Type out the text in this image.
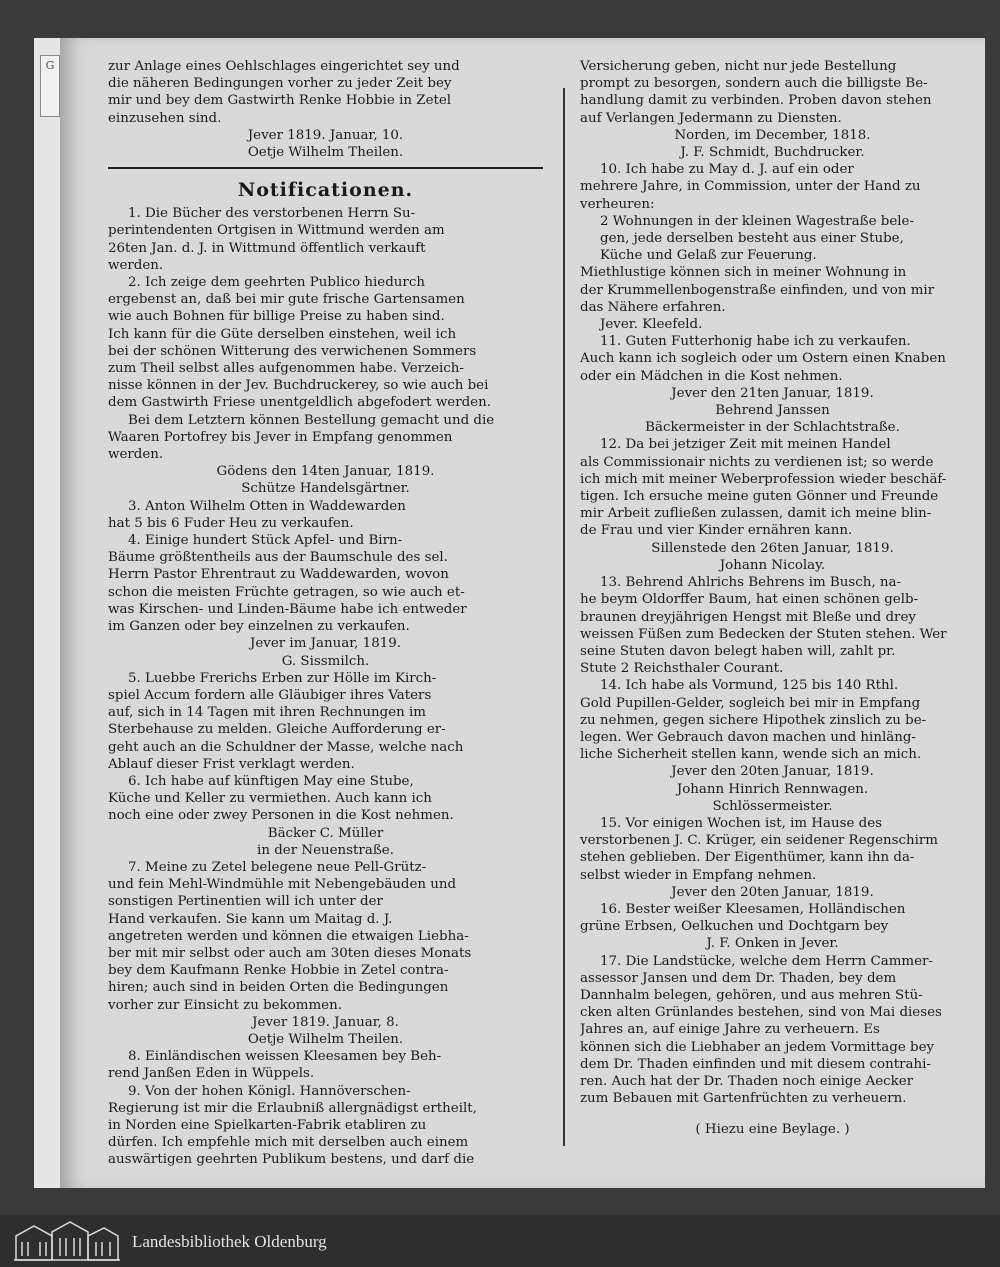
G	zur Anlage eines Oehlschlages eingerichtet sey und
die näheren Bedingungen vorher zu jeder Zeit bey
mir und bey dem Gastwirth Renke Hobbie in Zetel
einzusehen sind.
Jever 1819. Januar, 10.
Oetje Wilhelm Theilen.
Notificationen.
1. Die Bücher des verstorbenen Herrn Su-
perintendenten Ortgisen in Wittmund werden am
26ten Jan. d. J. in Wittmund öffentlich verkauft
werden.
2. Ich zeige dem geehrten Publico hiedurch
ergebenst an, daß bei mir gute frische Gartensamen
wie auch Bohnen für billige Preise zu haben sind.
Ich kann für die Güte derselben einstehen, weil ich
bei der schönen Witterung des verwichenen Sommers
zum Theil selbst alles aufgenommen habe. Verzeich-
nisse können in der Jev. Buchdruckerey, so wie auch bei
dem Gastwirth Friese unentgeldlich abgefodert werden.
Bei dem Letztern können Bestellung gemacht und die
Waaren Portofrey bis Jever in Empfang genommen
werden.
Gödens den 14ten Januar, 1819.
Schütze Handelsgärtner.
3. Anton Wilhelm Otten in Waddewarden
hat 5 bis 6 Fuder Heu zu verkaufen.
4. Einige hundert Stück Apfel- und Birn-
Bäume größtentheils aus der Baumschule des sel.
Herrn Pastor Ehrentraut zu Waddewarden, wovon
schon die meisten Früchte getragen, so wie auch et-
was Kirschen- und Linden-Bäume habe ich entweder
im Ganzen oder bey einzelnen zu verkaufen.
Jever im Januar, 1819.
G. Sissmilch.
5. Luebbe Frerichs Erben zur Hölle im Kirch-
spiel Accum fordern alle Gläubiger ihres Vaters
auf, sich in 14 Tagen mit ihren Rechnungen im
Sterbehause zu melden. Gleiche Aufforderung er-
geht auch an die Schuldner der Masse, welche nach
Ablauf dieser Frist verklagt werden.
6. Ich habe auf künftigen May eine Stube,
Küche und Keller zu vermiethen. Auch kann ich
noch eine oder zwey Personen in die Kost nehmen.
Bäcker C. Müller
in der Neuenstraße.
7. Meine zu Zetel belegene neue Pell-Grütz-
und fein Mehl-Windmühle mit Nebengebäuden und
sonstigen Pertinentien will ich unter der
Hand verkaufen. Sie kann um Maitag d. J.
angetreten werden und können die etwaigen Liebha-
ber mit mir selbst oder auch am 30ten dieses Monats
bey dem Kaufmann Renke Hobbie in Zetel contra-
hiren; auch sind in beiden Orten die Bedingungen
vorher zur Einsicht zu bekommen.
Jever 1819. Januar, 8.
Oetje Wilhelm Theilen.
8. Einländischen weissen Kleesamen bey Beh-
rend Janßen Eden in Wüppels.
9. Von der hohen Königl. Hannöverschen-
Regierung ist mir die Erlaubniß allergnädigst ertheilt,
in Norden eine Spielkarten-Fabrik etabliren zu
dürfen. Ich empfehle mich mit derselben auch einem
auswärtigen geehrten Publikum bestens, und darf die
Versicherung geben, nicht nur jede Bestellung
prompt zu besorgen, sondern auch die billigste Be-
handlung damit zu verbinden. Proben davon stehen
auf Verlangen Jedermann zu Diensten.
Norden, im December, 1818.
J. F. Schmidt, Buchdrucker.
10. Ich habe zu May d. J. auf ein oder
mehrere Jahre, in Commission, unter der Hand zu
verheuren:
2 Wohnungen in der kleinen Wagestraße bele-
gen, jede derselben besteht aus einer Stube,
Küche und Gelaß zur Feuerung.
Miethlustige können sich in meiner Wohnung in
der Krummellenbogenstraße einfinden, und von mir
das Nähere erfahren.
Jever. Kleefeld.
11. Guten Futterhonig habe ich zu verkaufen.
Auch kann ich sogleich oder um Ostern einen Knaben
oder ein Mädchen in die Kost nehmen.
Jever den 21ten Januar, 1819.
Behrend Janssen
Bäckermeister in der Schlachtstraße.
12. Da bei jetziger Zeit mit meinen Handel
als Commissionair nichts zu verdienen ist; so werde
ich mich mit meiner Weberprofession wieder beschäf-
tigen. Ich ersuche meine guten Gönner und Freunde
mir Arbeit zufließen zulassen, damit ich meine blin-
de Frau und vier Kinder ernähren kann.
Sillenstede den 26ten Januar, 1819.
Johann Nicolay.
13. Behrend Ahlrichs Behrens im Busch, na-
he beym Oldorffer Baum, hat einen schönen gelb-
braunen dreyjährigen Hengst mit Bleße und drey
weissen Füßen zum Bedecken der Stuten stehen. Wer
seine Stuten davon belegt haben will, zahlt pr.
Stute 2 Reichsthaler Courant.
14. Ich habe als Vormund, 125 bis 140 Rthl.
Gold Pupillen-Gelder, sogleich bei mir in Empfang
zu nehmen, gegen sichere Hipothek zinslich zu be-
legen. Wer Gebrauch davon machen und hinläng-
liche Sicherheit stellen kann, wende sich an mich.
Jever den 20ten Januar, 1819.
Johann Hinrich Rennwagen.
Schlössermeister.
15. Vor einigen Wochen ist, im Hause des
verstorbenen J. C. Krüger, ein seidener Regenschirm
stehen geblieben. Der Eigenthümer, kann ihn da-
selbst wieder in Empfang nehmen.
Jever den 20ten Januar, 1819.
16. Bester weißer Kleesamen, Holländischen
grüne Erbsen, Oelkuchen und Dochtgarn bey
J. F. Onken in Jever.
17. Die Landstücke, welche dem Herrn Cammer-
assessor Jansen und dem Dr. Thaden, bey dem
Dannhalm belegen, gehören, und aus mehren Stü-
cken alten Grünlandes bestehen, sind von Mai dieses
Jahres an, auf einige Jahre zu verheuern. Es
können sich die Liebhaber an jedem Vormittage bey
dem Dr. Thaden einfinden und mit diesem contrahi-
ren. Auch hat der Dr. Thaden noch einige Aecker
zum Bebauen mit Gartenfrüchten zu verheuern.
( Hiezu eine Beylage. )
Landesbibliothek Oldenburg
